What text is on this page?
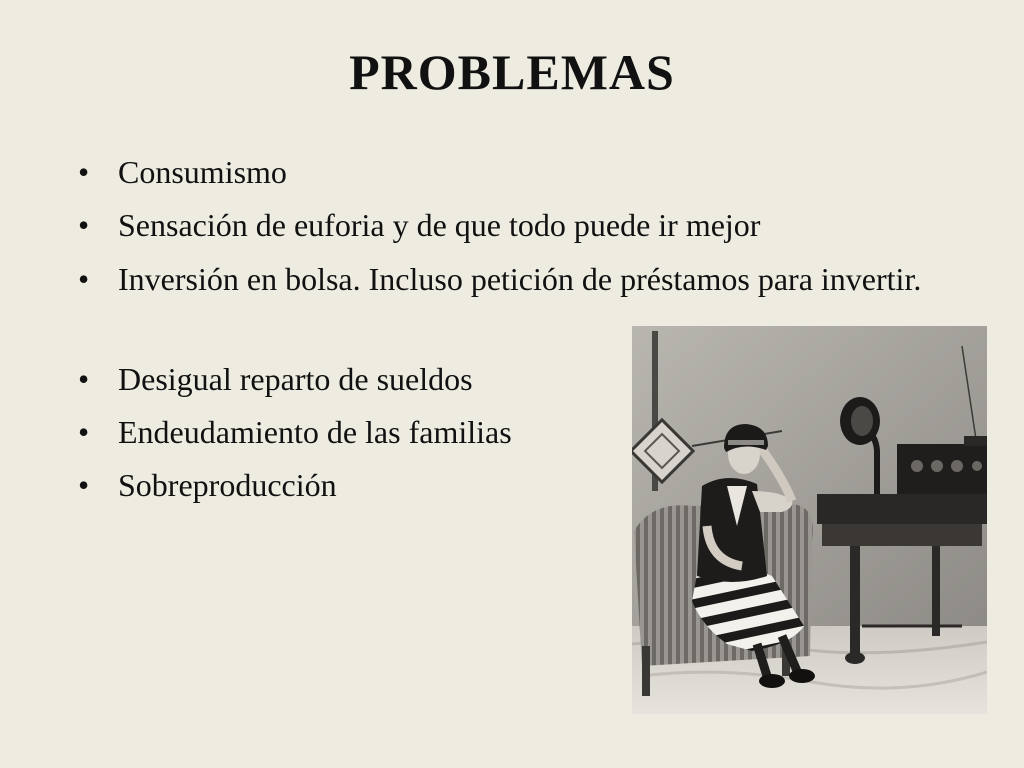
PROBLEMAS
• Consumismo
• Sensación de euforia y de que todo puede ir mejor
• Inversión en bolsa. Incluso petición de préstamos para invertir.
• Desigual reparto de sueldos
• Endeudamiento de las familias
• Sobreproducción
